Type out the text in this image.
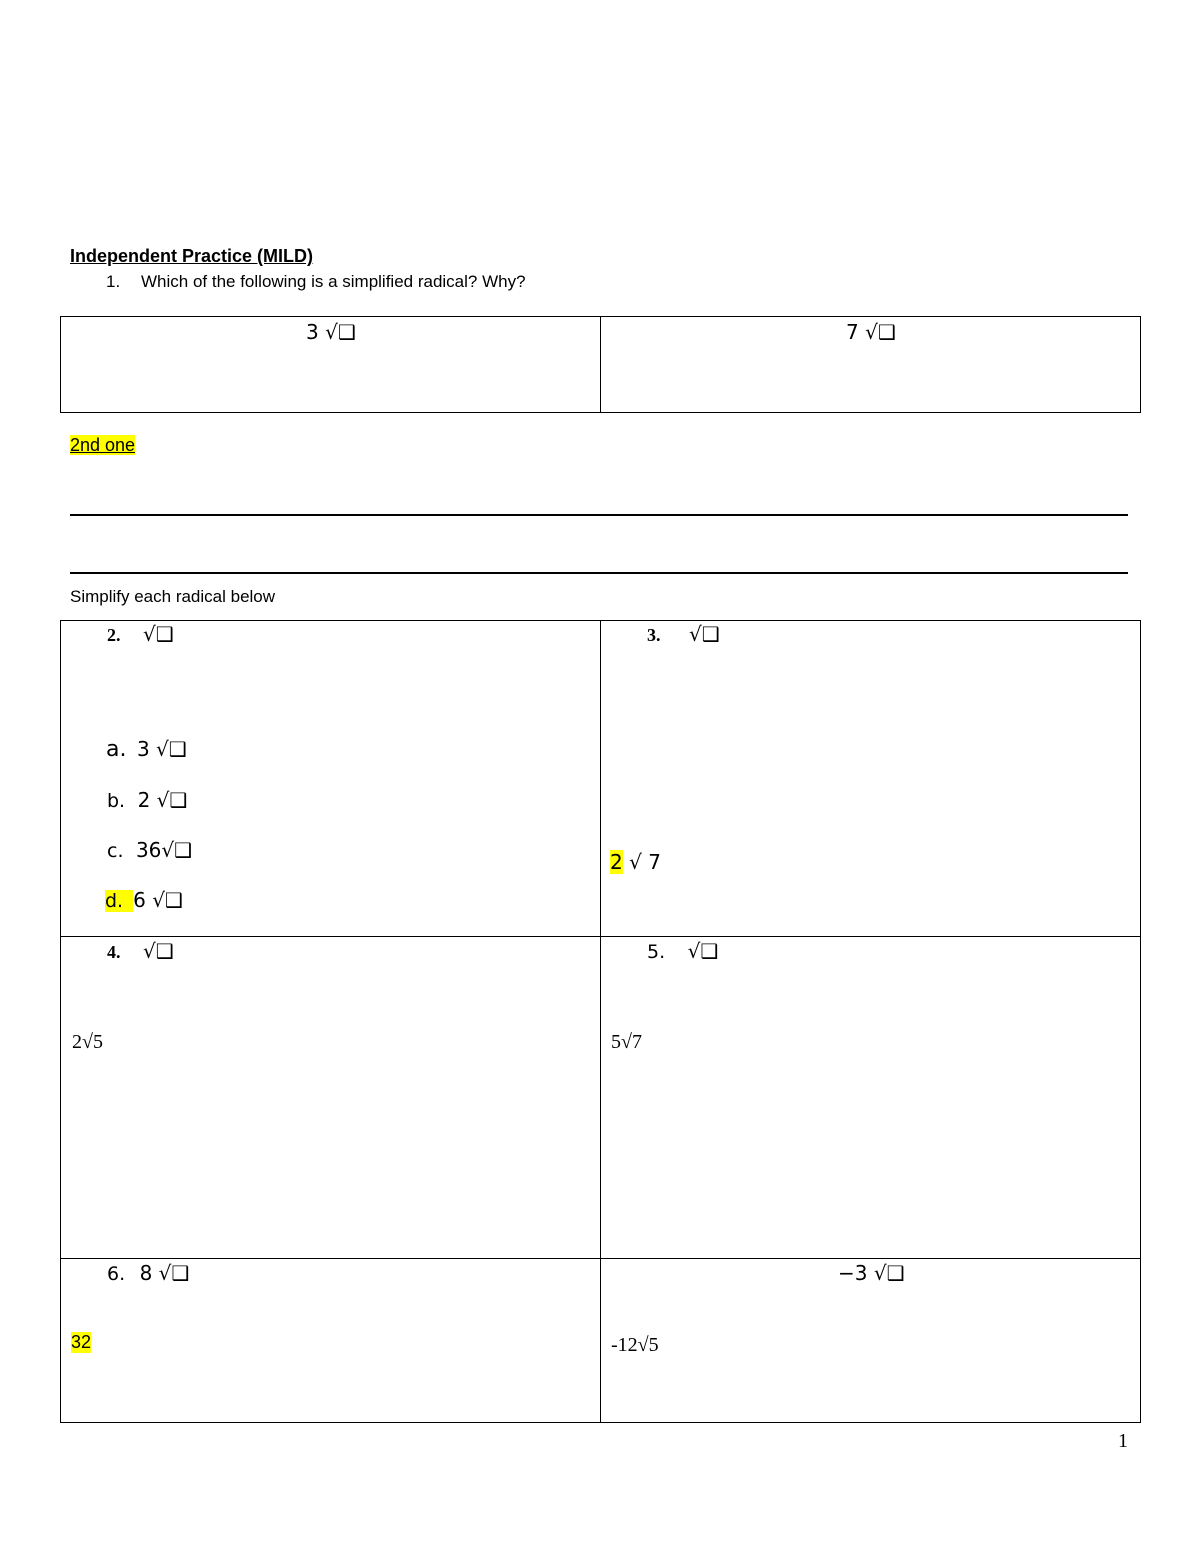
Independent Practice (MILD)
1. Which of the following is a simplified radical? Why?
3 √❑	7 √❑
2nd one
Simplify each radical below
2. √❑
a. 3 √❑
b. 2 √❑
c. 36√❑
d. 6 √❑
3. √❑
2 √ 7
4. √❑
2√5
5. √❑
5√7
6. 8 √❑
32
−3 √❑
-12√5
1
